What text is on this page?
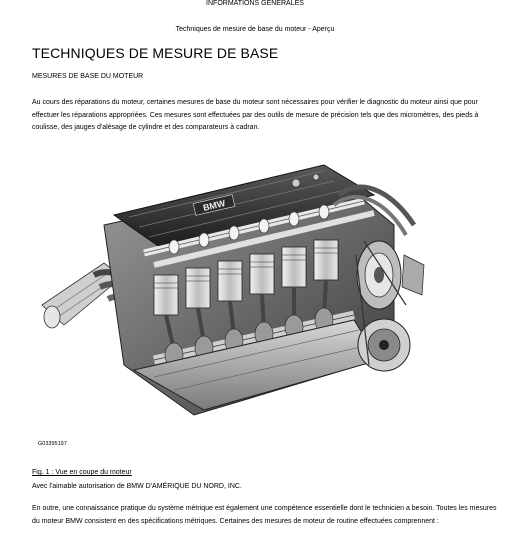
INFORMATIONS GÉNÉRALES
Techniques de mesure de base du moteur - Aperçu
TECHNIQUES DE MESURE DE BASE
MESURES DE BASE DU MOTEUR
Au cours des réparations du moteur, certaines mesures de base du moteur sont nécessaires pour vérifier le diagnostic du moteur ainsi que pour effectuer les réparations appropriées. Ces mesures sont effectuées par des outils de mesure de précision tels que des micromètres, des pieds à coulisse, des jauges d'alésage de cylindre et des comparateurs à cadran.
BMW
G03395197
Fig. 1 : Vue en coupe du moteur
Avec l'aimable autorisation de BMW D'AMÉRIQUE DU NORD, INC.
En outre, une connaissance pratique du système métrique est également une compétence essentielle dont le technicien a besoin. Toutes les mesures du moteur BMW consistent en des spécifications métriques. Certaines des mesures de moteur de routine effectuées comprennent :
